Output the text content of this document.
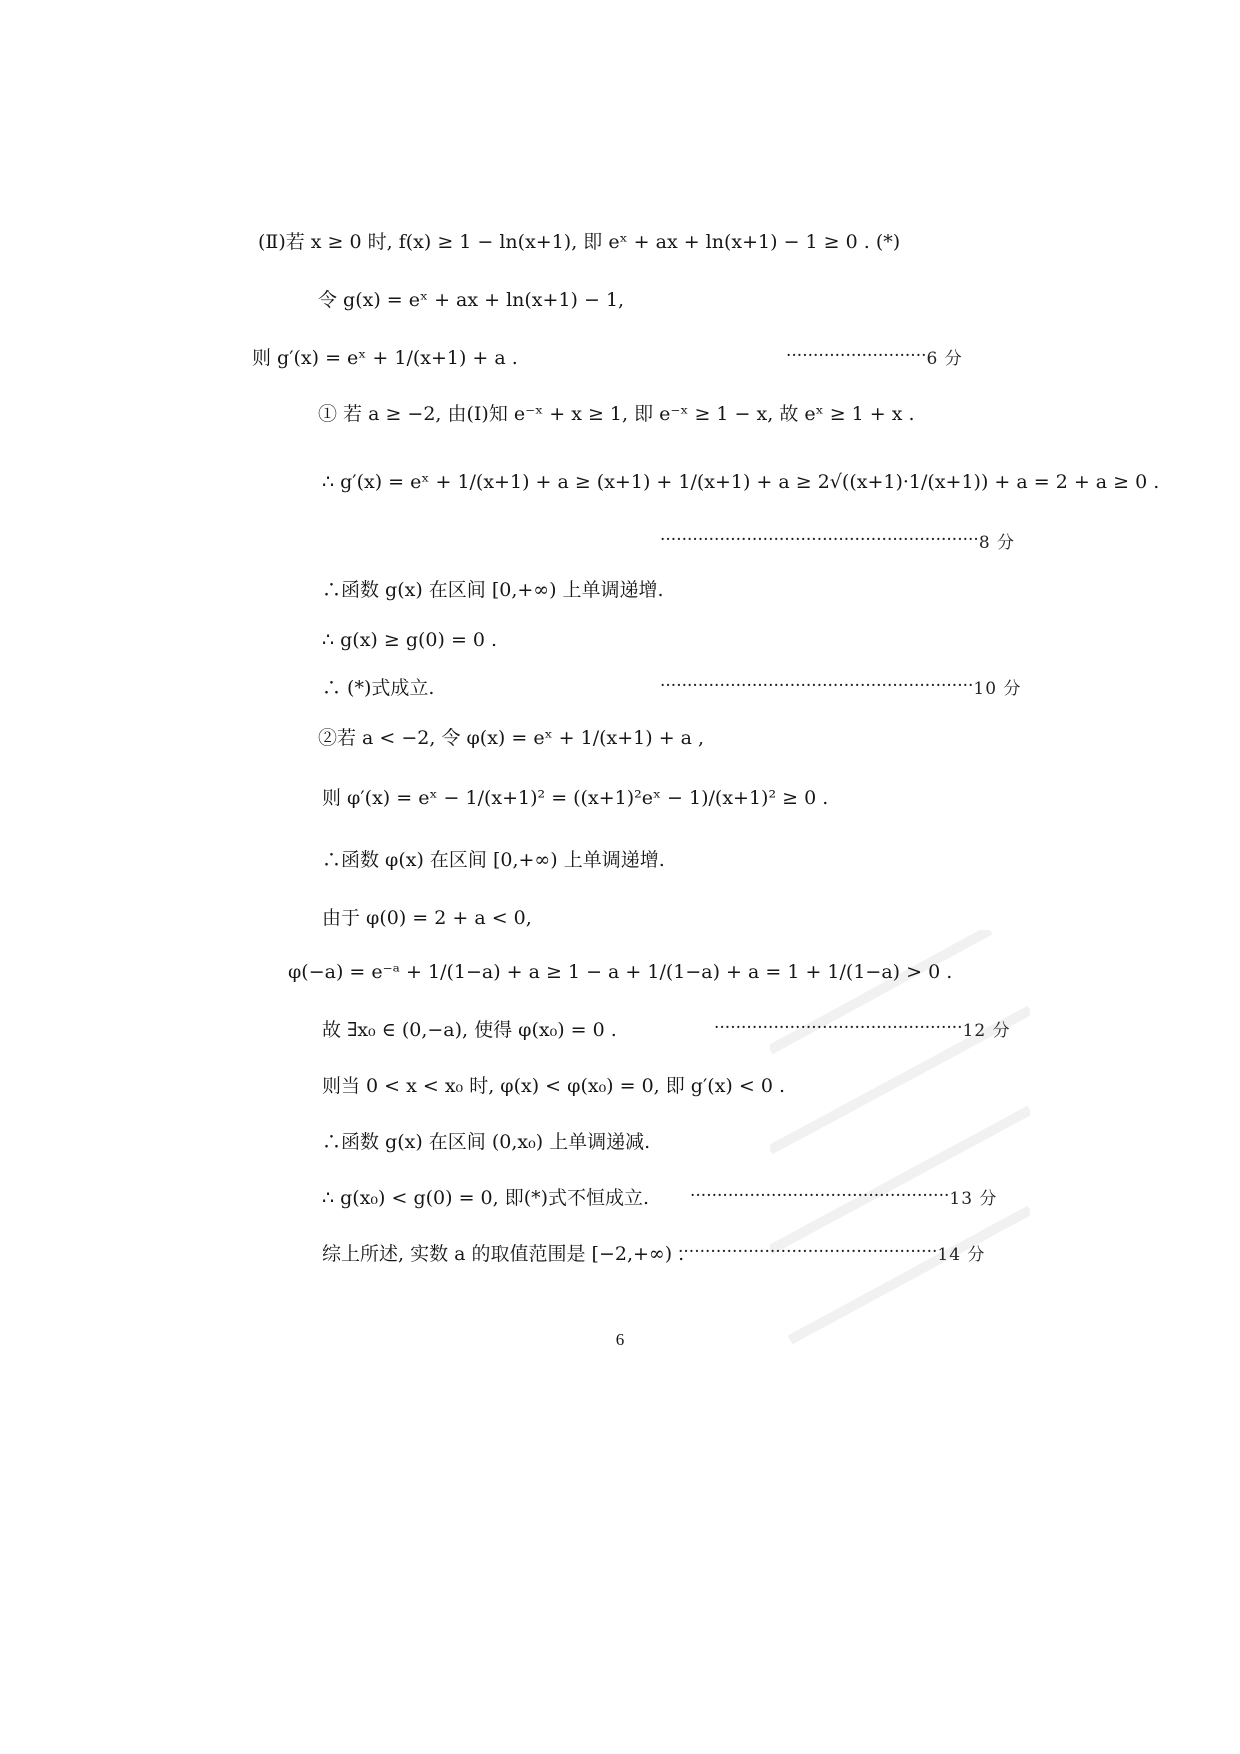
(Ⅱ)若 x ≥ 0 时, f(x) ≥ 1 − ln(x+1), 即 eˣ + ax + ln(x+1) − 1 ≥ 0 . (*)
令 g(x) = eˣ + ax + ln(x+1) − 1,
则 g′(x) = eˣ + 1/(x+1) + a .	·························· 6 分
① 若 a ≥ −2, 由(Ⅰ)知 e⁻ˣ + x ≥ 1, 即 e⁻ˣ ≥ 1 − x, 故 eˣ ≥ 1 + x .
∴ g′(x) = eˣ + 1/(x+1) + a ≥ (x+1) + 1/(x+1) + a ≥ 2√((x+1)·1/(x+1)) + a = 2 + a ≥ 0 .
··························································· 8 分
∴函数 g(x) 在区间 [0,+∞) 上单调递增.
∴ g(x) ≥ g(0) = 0 .
∴ (*)式成立.	·························································· 10 分
②若 a < −2, 令 φ(x) = eˣ + 1/(x+1) + a ,
则 φ′(x) = eˣ − 1/(x+1)² = ((x+1)²eˣ − 1)/(x+1)² ≥ 0 .
∴函数 φ(x) 在区间 [0,+∞) 上单调递增.
由于 φ(0) = 2 + a < 0,
φ(−a) = e⁻ᵃ + 1/(1−a) + a ≥ 1 − a + 1/(1−a) + a = 1 + 1/(1−a) > 0 .
故 ∃x₀ ∈ (0,−a), 使得 φ(x₀) = 0 .	·············································· 12 分
则当 0 < x < x₀ 时, φ(x) < φ(x₀) = 0, 即 g′(x) < 0 .
∴函数 g(x) 在区间 (0,x₀) 上单调递减.
∴ g(x₀) < g(0) = 0, 即(*)式不恒成立. ················································ 13 分
综上所述, 实数 a 的取值范围是 [−2,+∞) .
················································ 14 分
6
